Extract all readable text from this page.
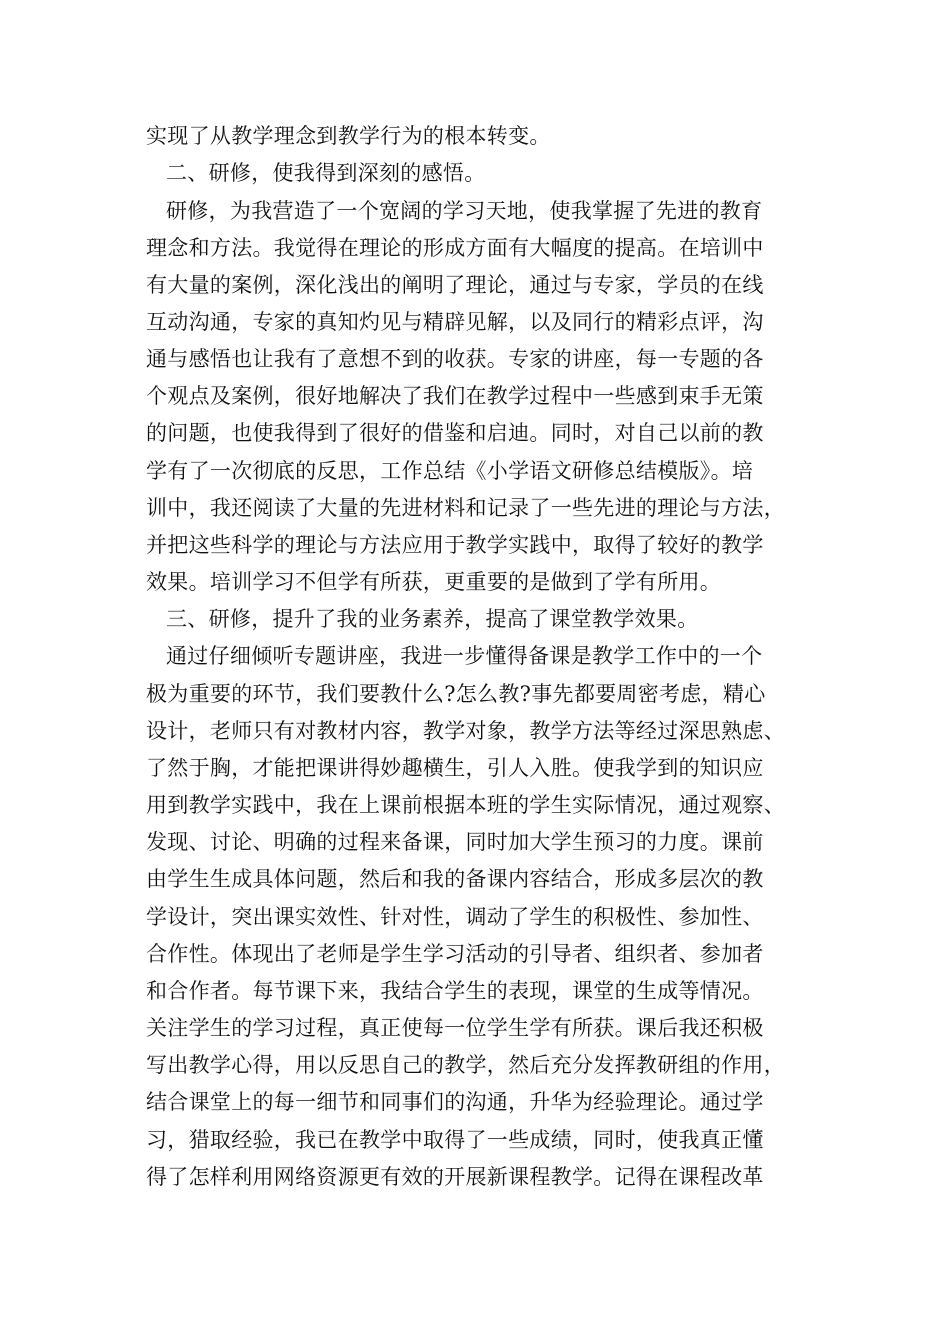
实现了从教学理念到教学行为的根本转变。
二、研修，使我得到深刻的感悟。
研修，为我营造了一个宽阔的学习天地，使我掌握了先进的教育
理念和方法。我觉得在理论的形成方面有大幅度的提高。在培训中
有大量的案例，深化浅出的阐明了理论，通过与专家，学员的在线
互动沟通，专家的真知灼见与精辟见解，以及同行的精彩点评，沟
通与感悟也让我有了意想不到的收获。专家的讲座，每一专题的各
个观点及案例，很好地解决了我们在教学过程中一些感到束手无策
的问题，也使我得到了很好的借鉴和启迪。同时，对自己以前的教
学有了一次彻底的反思，工作总结《小学语文研修总结模版》。培
训中，我还阅读了大量的先进材料和记录了一些先进的理论与方法，
并把这些科学的理论与方法应用于教学实践中，取得了较好的教学
效果。培训学习不但学有所获，更重要的是做到了学有所用。
三、研修，提升了我的业务素养，提高了课堂教学效果。
通过仔细倾听专题讲座，我进一步懂得备课是教学工作中的一个
极为重要的环节，我们要教什么?怎么教?事先都要周密考虑，精心
设计，老师只有对教材内容，教学对象，教学方法等经过深思熟虑、
了然于胸，才能把课讲得妙趣横生，引人入胜。使我学到的知识应
用到教学实践中，我在上课前根据本班的学生实际情况，通过观察、
发现、讨论、明确的过程来备课，同时加大学生预习的力度。课前
由学生生成具体问题，然后和我的备课内容结合，形成多层次的教
学设计，突出课实效性、针对性，调动了学生的积极性、参加性、
合作性。体现出了老师是学生学习活动的引导者、组织者、参加者
和合作者。每节课下来，我结合学生的表现，课堂的生成等情况。
关注学生的学习过程，真正使每一位学生学有所获。课后我还积极
写出教学心得，用以反思自己的教学，然后充分发挥教研组的作用，
结合课堂上的每一细节和同事们的沟通，升华为经验理论。通过学
习，猎取经验，我已在教学中取得了一些成绩，同时，使我真正懂
得了怎样利用网络资源更有效的开展新课程教学。记得在课程改革
